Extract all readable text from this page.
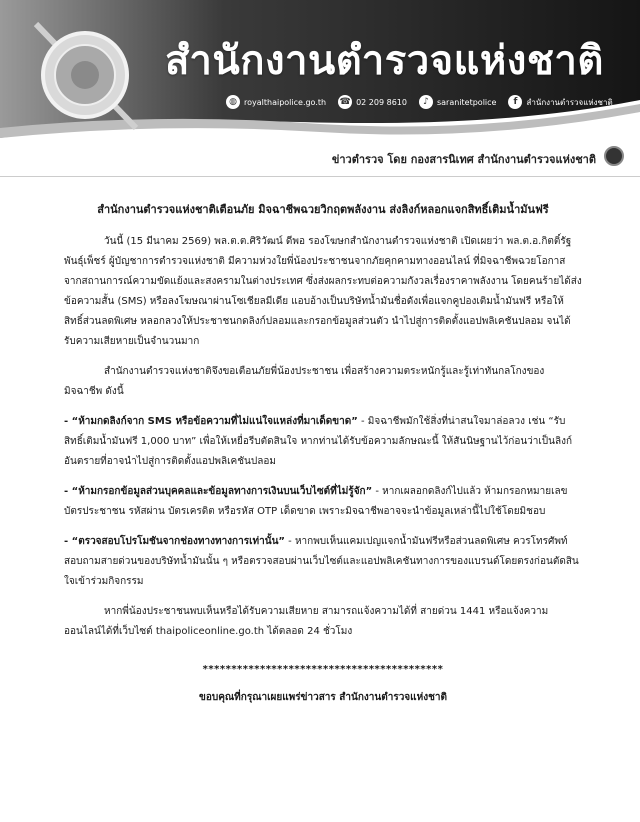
สำนักงานตำรวจแห่งชาติ
◍ royalthaipolice.go.th ☎ 02 209 8610	♪	saranitetpolice	f	สำนักงานตำรวจแห่งชาติ
ข่าวตำรวจ โดย กองสารนิเทศ สำนักงานตำรวจแห่งชาติ
สำนักงานตำรวจแห่งชาติเตือนภัย มิจฉาชีพฉวยวิกฤตพลังงาน ส่งลิงก์หลอกแจกสิทธิ์เติมน้ำมันฟรี

วันนี้ (15 มีนาคม 2569) พล.ต.ต.ศิริวัฒน์ ดีพอ รองโฆษกสำนักงานตำรวจแห่งชาติ เปิดเผยว่า พล.ต.อ.กิตติ์รัฐ พันธุ์เพ็ชร์ ผู้บัญชาการตำรวจแห่งชาติ มีความห่วงใยพี่น้องประชาชนจากภัยคุกคามทางออนไลน์ ที่มิจฉาชีพฉวยโอกาสจากสถานการณ์ความขัดแย้งและสงครามในต่างประเทศ ซึ่งส่งผลกระทบต่อความกังวลเรื่องราคาพลังงาน โดยคนร้ายได้ส่งข้อความสั้น (SMS) หรือลงโฆษณาผ่านโซเชียลมีเดีย แอบอ้างเป็นบริษัทน้ำมันชื่อดังเพื่อแจกคูปองเติมน้ำมันฟรี หรือให้สิทธิ์ส่วนลดพิเศษ หลอกลวงให้ประชาชนกดลิงก์ปลอมและกรอกข้อมูลส่วนตัว นำไปสู่การติดตั้งแอปพลิเคชันปลอม จนได้รับความเสียหายเป็นจำนวนมาก

สำนักงานตำรวจแห่งชาติจึงขอเตือนภัยพี่น้องประชาชน เพื่อสร้างความตระหนักรู้และรู้เท่าทันกลโกงของมิจฉาชีพ ดังนี้

- “ห้ามกดลิงก์จาก SMS หรือข้อความที่ไม่แน่ใจแหล่งที่มาเด็ดขาด” - มิจฉาชีพมักใช้สิ่งที่น่าสนใจมาล่อลวง เช่น “รับสิทธิ์เติมน้ำมันฟรี 1,000 บาท” เพื่อให้เหยื่อรีบตัดสินใจ หากท่านได้รับข้อความลักษณะนี้ ให้สันนิษฐานไว้ก่อนว่าเป็นลิงก์อันตรายที่อาจนำไปสู่การติดตั้งแอปพลิเคชันปลอม

- “ห้ามกรอกข้อมูลส่วนบุคคลและข้อมูลทางการเงินบนเว็บไซต์ที่ไม่รู้จัก” - หากเผลอกดลิงก์ไปแล้ว ห้ามกรอกหมายเลขบัตรประชาชน รหัสผ่าน บัตรเครดิต หรือรหัส OTP เด็ดขาด เพราะมิจฉาชีพอาจจะนำข้อมูลเหล่านี้ไปใช้โดยมิชอบ

- “ตรวจสอบโปรโมชันจากช่องทางทางการเท่านั้น” - หากพบเห็นแคมเปญแจกน้ำมันฟรีหรือส่วนลดพิเศษ ควรโทรศัพท์สอบถามสายด่วนของบริษัทน้ำมันนั้น ๆ หรือตรวจสอบผ่านเว็บไซต์และแอปพลิเคชันทางการของแบรนด์โดยตรงก่อนตัดสินใจเข้าร่วมกิจกรรม

หากพี่น้องประชาชนพบเห็นหรือได้รับความเสียหาย สามารถแจ้งความได้ที่ สายด่วน 1441 หรือแจ้งความออนไลน์ได้ที่เว็บไซต์ thaipoliceonline.go.th ได้ตลอด 24 ชั่วโมง

******************************************
ขอบคุณที่กรุณาเผยแพร่ข่าวสาร สำนักงานตำรวจแห่งชาติ
